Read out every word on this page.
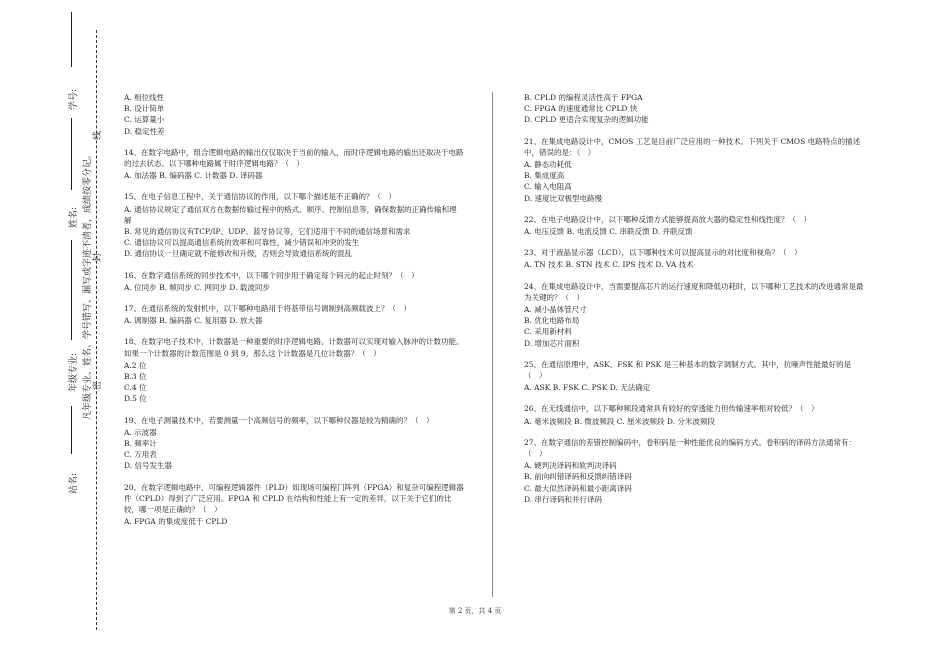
学号:
姓名:
年级专业:
站名:
凡年级专业、姓名、学号错写、漏写或字迹不清者，成绩按零分记。
线
封
密

A. 相位线性

B. 设计简单

C. 运算量小

D. 稳定性差

14、在数字电路中，组合逻辑电路的输出仅仅取决于当前的输入，而时序逻辑电路的输出还取决于电路的过去状态。以下哪种电路属于时序逻辑电路？（　）

A. 加法器 B. 编码器 C. 计数器 D. 译码器

15、在电子信息工程中，关于通信协议的作用，以下哪个描述是不正确的？（　）

A. 通信协议规定了通信双方在数据传输过程中的格式、顺序、控制信息等，确保数据的正确传输和理解

B. 常见的通信协议有TCP/IP、UDP、蓝牙协议等，它们适用于不同的通信场景和需求

C. 通信协议可以提高通信系统的效率和可靠性，减少错误和冲突的发生

D. 通信协议一旦确定就不能修改和升级，否则会导致通信系统的混乱

16、在数字通信系统的同步技术中，以下哪个同步用于确定每个码元的起止时刻？（　）

A. 位同步 B. 帧同步 C. 网同步 D. 载波同步

17、在通信系统的发射机中，以下哪种电路用于将基带信号调制到高频载波上？（　）

A. 调制器 B. 编码器 C. 复用器 D. 放大器

18、在数字电子技术中，计数器是一种重要的时序逻辑电路。计数器可以实现对输入脉冲的计数功能。如果一个计数器的计数范围是 0 到 9，那么这个计数器是几位计数器？（　）

A.2 位

B.3 位

C.4 位

D.5 位

19、在电子测量技术中，若要测量一个高频信号的频率，以下哪种仪器是较为精确的？（　）

A. 示波器

B. 频率计

C. 万用表

D. 信号发生器

20、在数字逻辑电路中，可编程逻辑器件（PLD）如现场可编程门阵列（FPGA）和复杂可编程逻辑器件（CPLD）得到了广泛应用。FPGA 和 CPLD 在结构和性能上有一定的差异，以下关于它们的比较，哪一项是正确的？（　）

A. FPGA 的集成度低于 CPLD

B. CPLD 的编程灵活性高于 FPGA

C. FPGA 的速度通常比 CPLD 快

D. CPLD 更适合实现复杂的逻辑功能

21、在集成电路设计中，CMOS 工艺是目前广泛应用的一种技术。下列关于 CMOS 电路特点的描述中，错误的是：（　）

A. 静态功耗低

B. 集成度高

C. 输入电阻高

D. 速度比双极型电路慢

22、在电子电路设计中，以下哪种反馈方式能够提高放大器的稳定性和线性度？（　）

A. 电压反馈 B. 电流反馈 C. 串联反馈 D. 并联反馈

23、对于液晶显示器（LCD），以下哪种技术可以提高显示的对比度和视角？（　）

A. TN 技术 B. STN 技术 C. IPS 技术 D. VA 技术

24、在集成电路设计中，当需要提高芯片的运行速度和降低功耗时，以下哪种工艺技术的改进通常是最为关键的？（　）

A. 减小晶体管尺寸

B. 优化电路布局

C. 采用新材料

D. 增加芯片面积

25、在通信原理中，ASK、FSK 和 PSK 是三种基本的数字调制方式。其中，抗噪声性能最好的是（　）

A. ASK B. FSK C. PSK D. 无法确定

26、在无线通信中，以下哪种频段通常具有较好的穿透能力但传输速率相对较低？（　）

A. 毫米波频段 B. 微波频段 C. 厘米波频段 D. 分米波频段

27、在数字通信的差错控制编码中，卷积码是一种性能优良的编码方式。卷积码的译码方法通常有：（　）

A. 硬判决译码和软判决译码

B. 前向纠错译码和反馈纠错译码

C. 最大似然译码和最小距离译码

D. 串行译码和并行译码

第 2 页，共 4 页
